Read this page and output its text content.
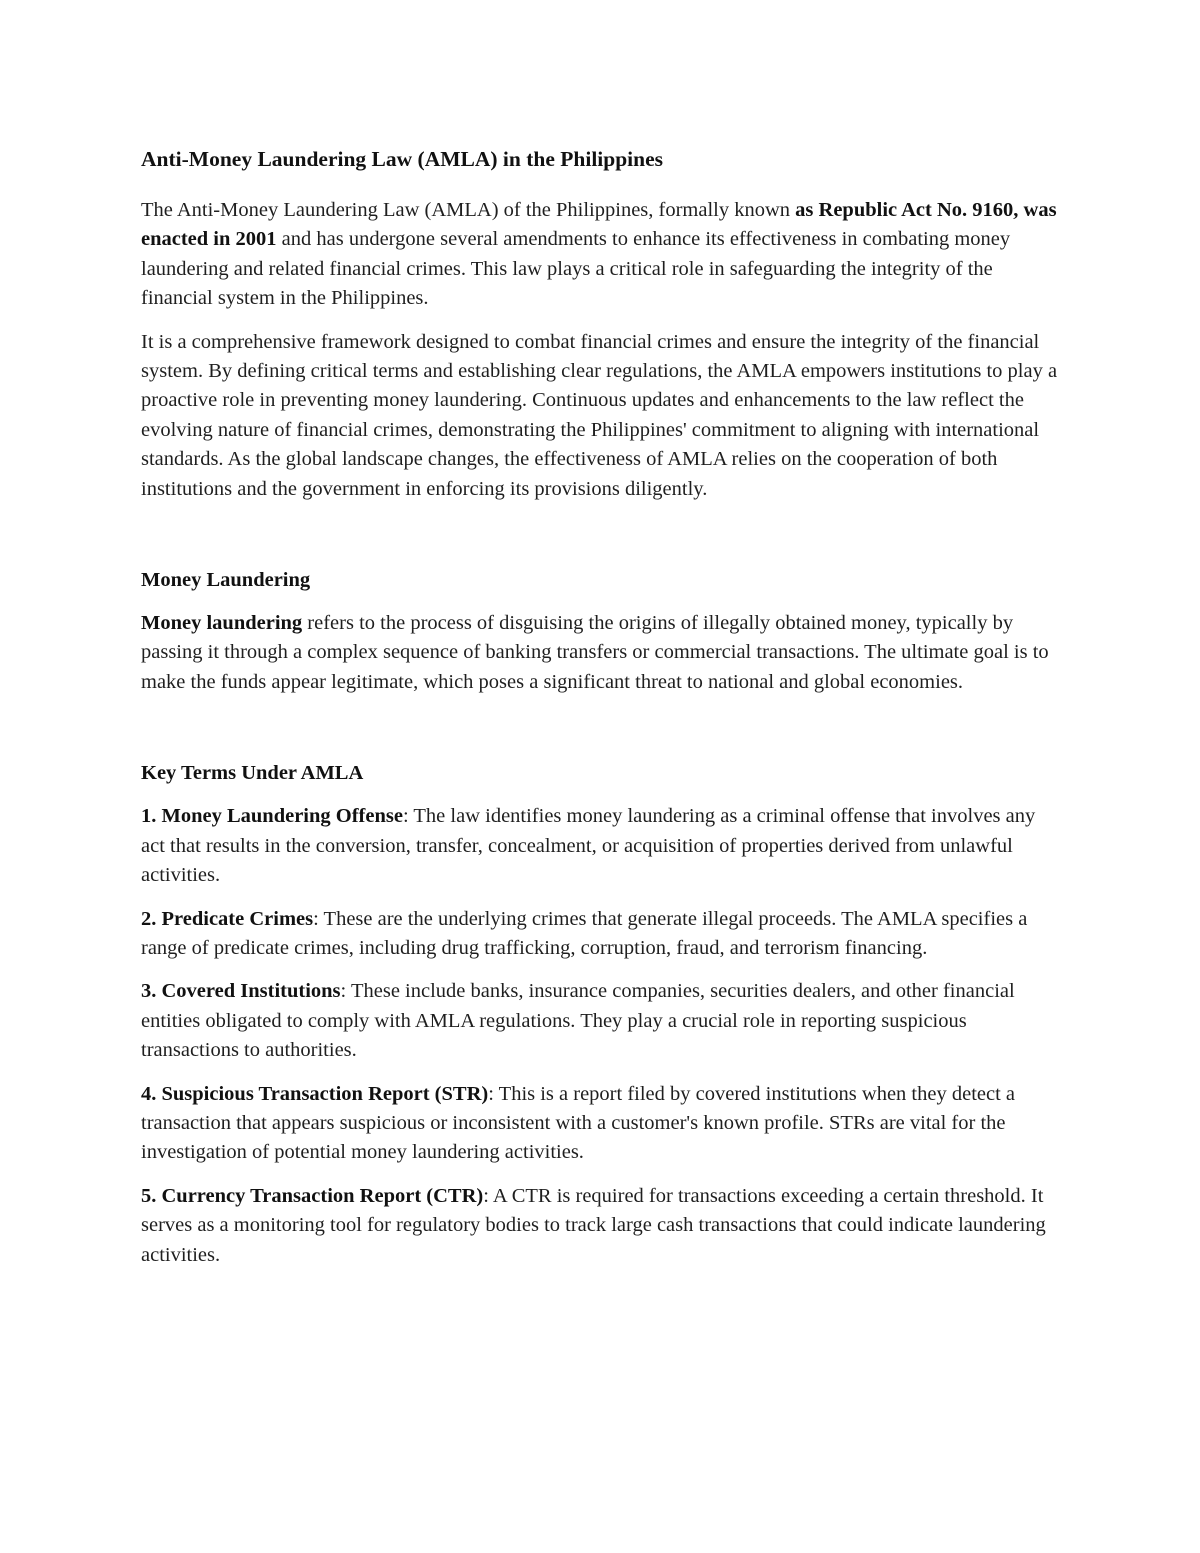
Anti-Money Laundering Law (AMLA) in the Philippines

The Anti-Money Laundering Law (AMLA) of the Philippines, formally known as Republic Act No. 9160, was enacted in 2001 and has undergone several amendments to enhance its effectiveness in combating money laundering and related financial crimes. This law plays a critical role in safeguarding the integrity of the financial system in the Philippines.

It is a comprehensive framework designed to combat financial crimes and ensure the integrity of the financial system. By defining critical terms and establishing clear regulations, the AMLA empowers institutions to play a proactive role in preventing money laundering. Continuous updates and enhancements to the law reflect the evolving nature of financial crimes, demonstrating the Philippines' commitment to aligning with international standards. As the global landscape changes, the effectiveness of AMLA relies on the cooperation of both institutions and the government in enforcing its provisions diligently.

Money Laundering

Money laundering refers to the process of disguising the origins of illegally obtained money, typically by passing it through a complex sequence of banking transfers or commercial transactions. The ultimate goal is to make the funds appear legitimate, which poses a significant threat to national and global economies.

Key Terms Under AMLA

1. Money Laundering Offense: The law identifies money laundering as a criminal offense that involves any act that results in the conversion, transfer, concealment, or acquisition of properties derived from unlawful activities.

2. Predicate Crimes: These are the underlying crimes that generate illegal proceeds. The AMLA specifies a range of predicate crimes, including drug trafficking, corruption, fraud, and terrorism financing.

3. Covered Institutions: These include banks, insurance companies, securities dealers, and other financial entities obligated to comply with AMLA regulations. They play a crucial role in reporting suspicious transactions to authorities.

4. Suspicious Transaction Report (STR): This is a report filed by covered institutions when they detect a transaction that appears suspicious or inconsistent with a customer's known profile. STRs are vital for the investigation of potential money laundering activities.

5. Currency Transaction Report (CTR): A CTR is required for transactions exceeding a certain threshold. It serves as a monitoring tool for regulatory bodies to track large cash transactions that could indicate laundering activities.
